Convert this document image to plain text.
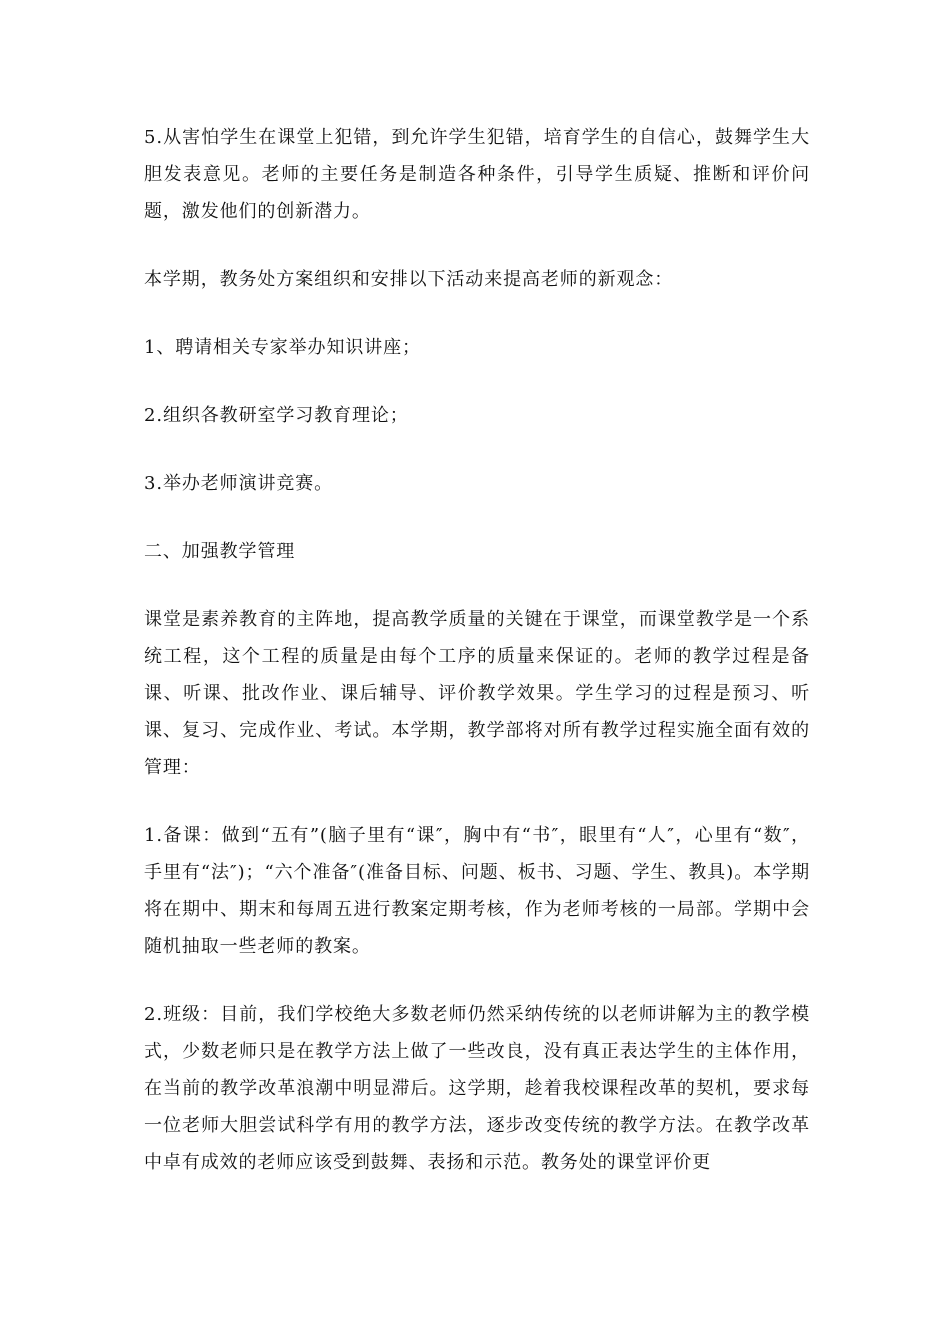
5.从害怕学生在课堂上犯错，到允许学生犯错，培育学生的自信心，鼓舞学生大胆发表意见。老师的主要任务是制造各种条件，引导学生质疑、推断和评价问题，激发他们的创新潜力。

本学期，教务处方案组织和安排以下活动来提高老师的新观念：

1、聘请相关专家举办知识讲座；

2.组织各教研室学习教育理论；

3.举办老师演讲竞赛。

二、加强教学管理

课堂是素养教育的主阵地，提高教学质量的关键在于课堂，而课堂教学是一个系统工程，这个工程的质量是由每个工序的质量来保证的。老师的教学过程是备课、听课、批改作业、课后辅导、评价教学效果。学生学习的过程是预习、听课、复习、完成作业、考试。本学期，教学部将对所有教学过程实施全面有效的管理：

1.备课：做到“五有”(脑子里有“课″，胸中有“书″，眼里有“人″，心里有“数″，手里有“法″)；“六个准备″(准备目标、问题、板书、习题、学生、教具)。本学期将在期中、期末和每周五进行教案定期考核，作为老师考核的一局部。学期中会随机抽取一些老师的教案。

2.班级：目前，我们学校绝大多数老师仍然采纳传统的以老师讲解为主的教学模式，少数老师只是在教学方法上做了一些改良，没有真正表达学生的主体作用，在当前的教学改革浪潮中明显滞后。这学期，趁着我校课程改革的契机，要求每一位老师大胆尝试科学有用的教学方法，逐步改变传统的教学方法。在教学改革中卓有成效的老师应该受到鼓舞、表扬和示范。教务处的课堂评价更
